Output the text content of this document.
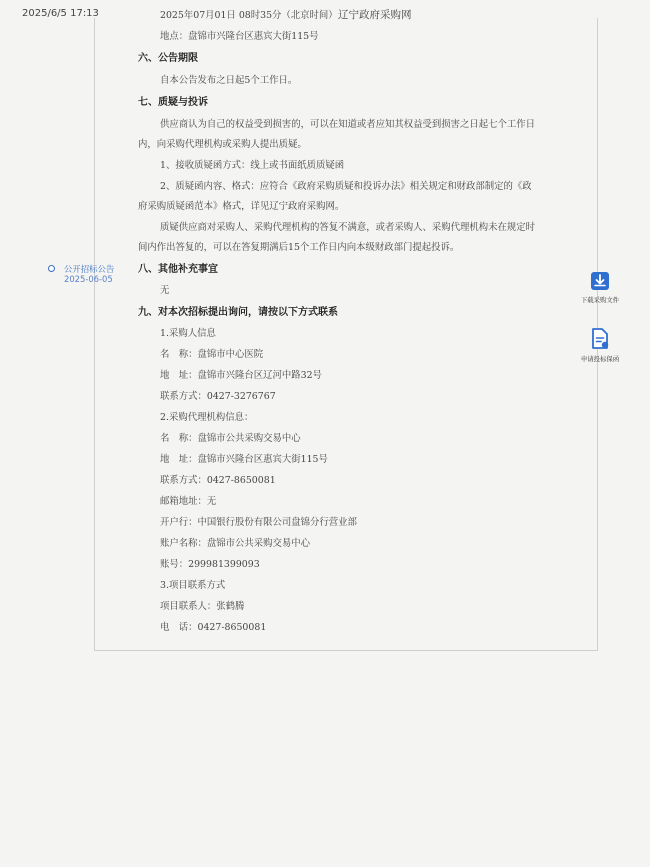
2025/6/5 17:13	辽宁政府采购网
公开招标公告
2025-06-05
下载采购文件
申请投标保函
2025年07月01日 08时35分（北京时间）
地点：盘锦市兴隆台区惠宾大街115号
六、公告期限
自本公告发布之日起5个工作日。
七、质疑与投诉
供应商认为自己的权益受到损害的，可以在知道或者应知其权益受到损害之日起七个工作日
内，向采购代理机构或采购人提出质疑。
1、接收质疑函方式：线上或书面纸质质疑函
2、质疑函内容、格式：应符合《政府采购质疑和投诉办法》相关规定和财政部制定的《政
府采购质疑函范本》格式，详见辽宁政府采购网。
质疑供应商对采购人、采购代理机构的答复不满意，或者采购人、采购代理机构未在规定时
间内作出答复的，可以在答复期满后15个工作日内向本级财政部门提起投诉。
八、其他补充事宜
无
九、对本次招标提出询问，请按以下方式联系
1.采购人信息
名　称：盘锦市中心医院
地　址：盘锦市兴隆台区辽河中路32号
联系方式：0427-3276767
2.采购代理机构信息：
名　称：盘锦市公共采购交易中心
地　址：盘锦市兴隆台区惠宾大街115号
联系方式：0427-8650081
邮箱地址：无
开户行：中国银行股份有限公司盘锦分行营业部
账户名称：盘锦市公共采购交易中心
账号：299981399093
3.项目联系方式
项目联系人：张鹤腾
电　话：0427-8650081
